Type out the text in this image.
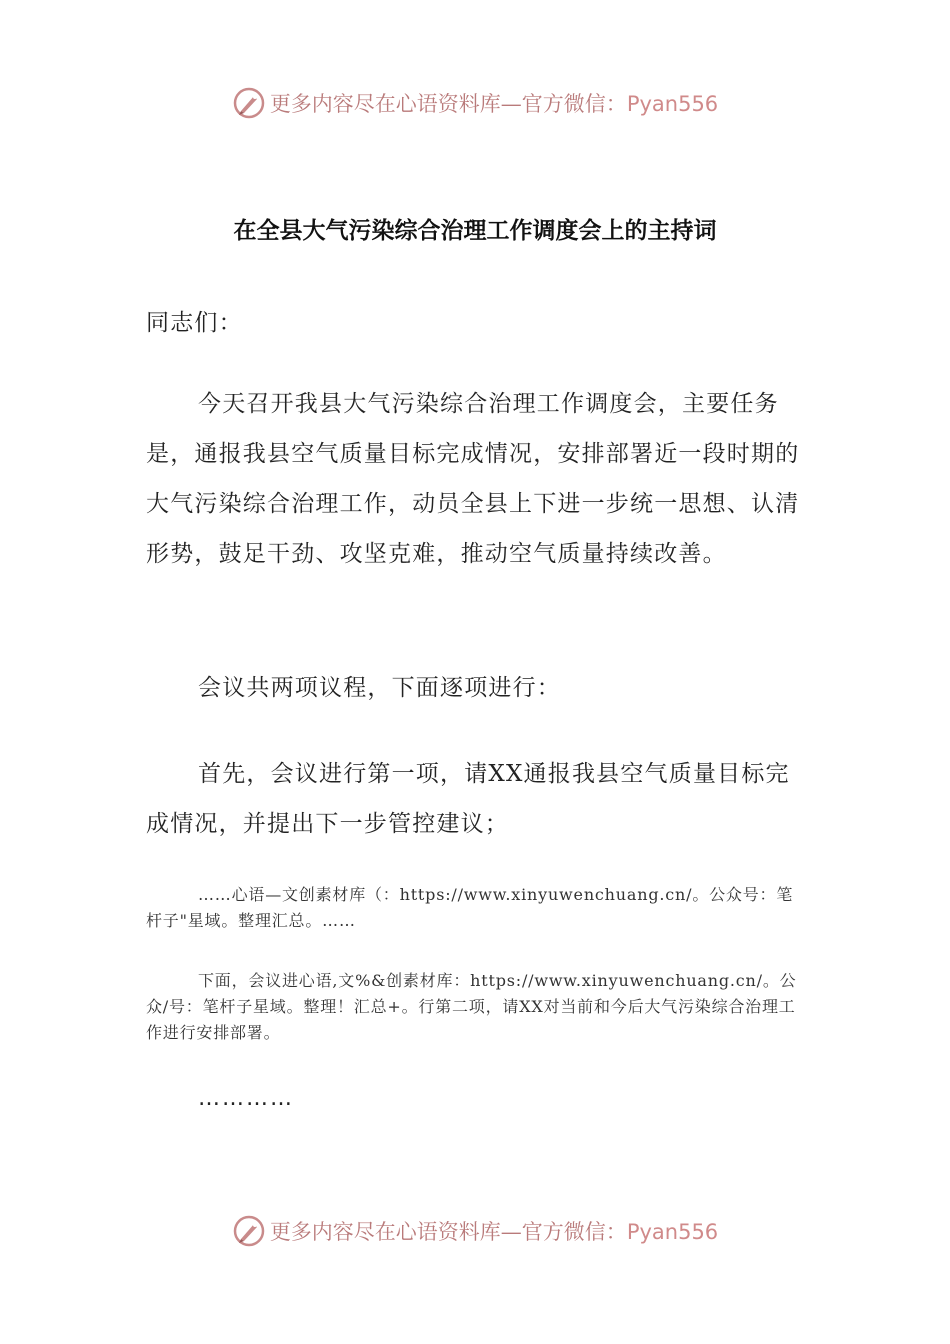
更多内容尽在心语资料库—官方微信：Pyan556
在全县大气污染综合治理工作调度会上的主持词
同志们：
今天召开我县大气污染综合治理工作调度会，主要任务是，通报我县空气质量目标完成情况，安排部署近一段时期的大气污染综合治理工作，动员全县上下进一步统一思想、认清形势，鼓足干劲、攻坚克难，推动空气质量持续改善。
会议共两项议程，下面逐项进行：
首先，会议进行第一项，请XX通报我县空气质量目标完成情况，并提出下一步管控建议；
……心语—文创素材库（：https://www.xinyuwenchuang.cn/。公众号：笔杆子"星域。整理汇总。……
下面，会议进心语,文%&创素材库：https://www.xinyuwenchuang.cn/。公众/号：笔杆子星域。整理！汇总+。行第二项，请XX对当前和今后大气污染综合治理工作进行安排部署。
…………
更多内容尽在心语资料库—官方微信：Pyan556
